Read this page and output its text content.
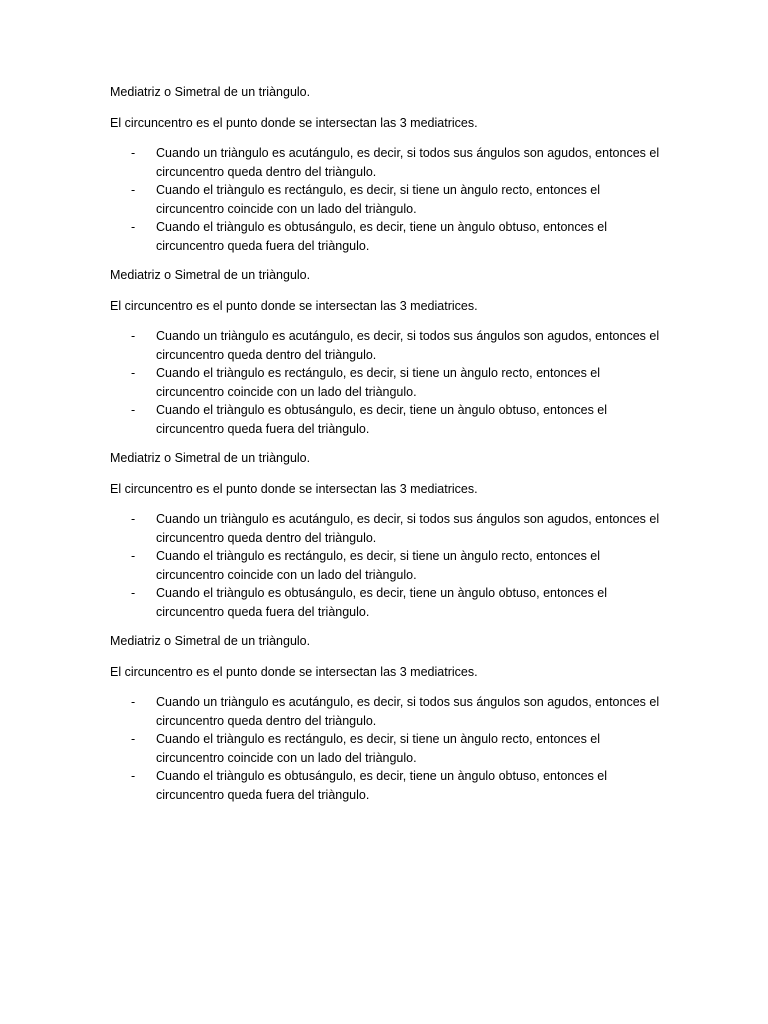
Mediatriz o Simetral de un triàngulo.

El circuncentro es el punto donde se intersectan las 3 mediatrices.

-	Cuando un triàngulo es acutángulo, es decir, si todos sus ángulos son agudos, entonces el circuncentro queda dentro del triàngulo.
-	Cuando el triàngulo es rectángulo, es decir, si tiene un àngulo recto, entonces el circuncentro coincide con un lado del triàngulo.
-	Cuando el triàngulo es obtusángulo, es decir, tiene un àngulo obtuso, entonces el circuncentro queda fuera del triàngulo.

Mediatriz o Simetral de un triàngulo.

El circuncentro es el punto donde se intersectan las 3 mediatrices.

-	Cuando un triàngulo es acutángulo, es decir, si todos sus ángulos son agudos, entonces el circuncentro queda dentro del triàngulo.
-	Cuando el triàngulo es rectángulo, es decir, si tiene un àngulo recto, entonces el circuncentro coincide con un lado del triàngulo.
-	Cuando el triàngulo es obtusángulo, es decir, tiene un àngulo obtuso, entonces el circuncentro queda fuera del triàngulo.

Mediatriz o Simetral de un triàngulo.

El circuncentro es el punto donde se intersectan las 3 mediatrices.

-	Cuando un triàngulo es acutángulo, es decir, si todos sus ángulos son agudos, entonces el circuncentro queda dentro del triàngulo.
-	Cuando el triàngulo es rectángulo, es decir, si tiene un àngulo recto, entonces el circuncentro coincide con un lado del triàngulo.
-	Cuando el triàngulo es obtusángulo, es decir, tiene un àngulo obtuso, entonces el circuncentro queda fuera del triàngulo.

Mediatriz o Simetral de un triàngulo.

El circuncentro es el punto donde se intersectan las 3 mediatrices.

-	Cuando un triàngulo es acutángulo, es decir, si todos sus ángulos son agudos, entonces el circuncentro queda dentro del triàngulo.
-	Cuando el triàngulo es rectángulo, es decir, si tiene un àngulo recto, entonces el circuncentro coincide con un lado del triàngulo.
-	Cuando el triàngulo es obtusángulo, es decir, tiene un àngulo obtuso, entonces el circuncentro queda fuera del triàngulo.
